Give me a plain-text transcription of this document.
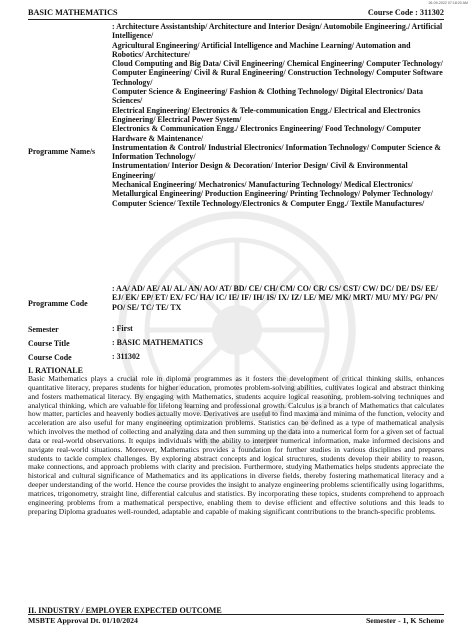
26-09-2022 07:18:20 AM
BASIC MATHEMATICS	Course Code : 311302
Programme Name/s
: Architecture Assistantship/ Architecture and Interior Design/ Automobile Engineering./ Artificial Intelligence/
Agricultural Engineering/ Artificial Intelligence and Machine Learning/ Automation and Robotics/ Architecture/
Cloud Computing and Big Data/ Civil Engineering/ Chemical Engineering/ Computer Technology/
Computer Engineering/ Civil & Rural Engineering/ Construction Technology/ Computer Software Technology/
Computer Science & Engineering/ Fashion & Clothing Technology/ Digital Electronics/ Data Sciences/
Electrical Engineering/ Electronics & Tele-communication Engg./ Electrical and Electronics Engineering/ Electrical Power System/
Electronics & Communication Engg./ Electronics Engineering/ Food Technology/ Computer Hardware & Maintenance/
Instrumentation & Control/ Industrial Electronics/ Information Technology/ Computer Science & Information Technology/
Instrumentation/ Interior Design & Decoration/ Interior Design/ Civil & Environmental Engineering/
Mechanical Engineering/ Mechatronics/ Manufacturing Technology/ Medical Electronics/
Metallurgical Engineering/ Production Engineering/ Printing Technology/ Polymer Technology/
Computer Science/ Textile Technology/Electronics & Computer Engg./ Textile Manufactures/
Programme Code
: AA/ AD/ AE/ AI/ AL/ AN/ AO/ AT/ BD/ CE/ CH/ CM/ CO/ CR/ CS/ CST/ CW/ DC/ DE/ DS/ EE/ EJ/ EK/ EP/ ET/ EX/ FC/ HA/ IC/ IE/ IF/ IH/ IS/ IX/ IZ/ LE/ ME/ MK/ MRT/ MU/ MY/ PG/ PN/ PO/ SE/ TC/ TE/ TX
Semester	: First
Course Title	: BASIC MATHEMATICS
Course Code	: 311302
I. RATIONALE
Basic Mathematics plays a crucial role in diploma programmes as it fosters the development of critical thinking skills, enhances quantitative literacy, prepares students for higher education, promotes problem-solving abilities, cultivates logical and abstract thinking and fosters mathematical literacy. By engaging with Mathematics, students acquire logical reasoning, problem-solving techniques and analytical thinking, which are valuable for lifelong learning and professional growth. Calculus is a branch of Mathematics that calculates how matter, particles and heavenly bodies actually move. Derivatives are useful to find maxima and minima of the function, velocity and acceleration are also useful for many engineering optimization problems. Statistics can be defined as a type of mathematical analysis which involves the method of collecting and analyzing data and then summing up the data into a numerical form for a given set of factual data or real-world observations. It equips individuals with the ability to interpret numerical information, make informed decisions and navigate real-world situations. Moreover, Mathematics provides a foundation for further studies in various disciplines and prepares students to tackle complex challenges. By exploring abstract concepts and logical structures, students develop their ability to reason, make connections, and approach problems with clarity and precision. Furthermore, studying Mathematics helps students appreciate the historical and cultural significance of Mathematics and its applications in diverse fields, thereby fostering mathematical literacy and a deeper understanding of the world. Hence the course provides the insight to analyze engineering problems scientifically using logarithms, matrices, trigonometry, straight line, differential calculus and statistics. By incorporating these topics, students comprehend to approach engineering problems from a mathematical perspective, enabling them to devise efficient and effective solutions and this leads to preparing Diploma graduates well-rounded, adaptable and capable of making significant contributions to the branch-specific problems.
II. INDUSTRY / EMPLOYER EXPECTED OUTCOME
MSBTE Approval Dt. 01/10/2024	Semester - 1, K Scheme
